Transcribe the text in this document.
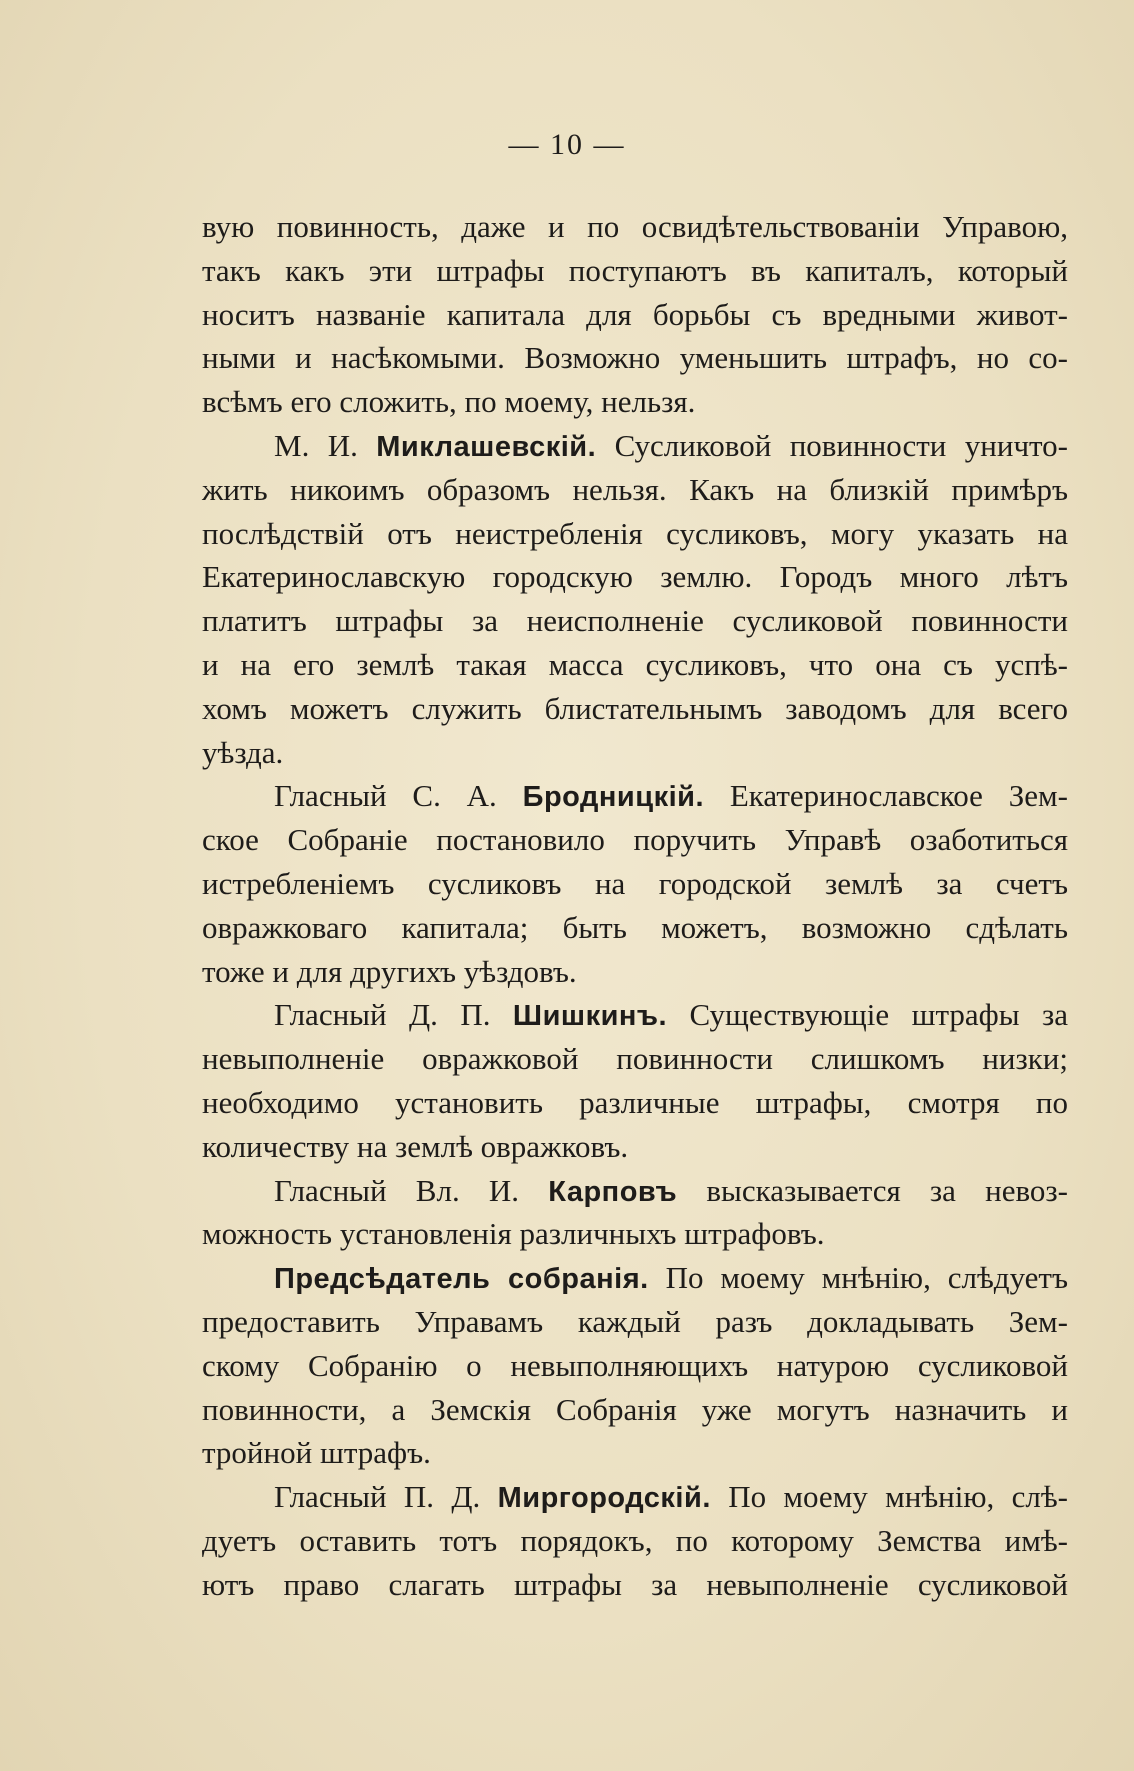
— 10 —
вую повинность, даже и по освидѣтельствованіи Управою,
такъ какъ эти штрафы поступаютъ въ капиталъ, который
носитъ названіе капитала для борьбы съ вредными живот-
ными и насѣкомыми. Возможно уменьшить штрафъ, но со-
всѣмъ его сложить, по моему, нельзя.
М. И. Миклашевскій. Сусликовой повинности уничто-
жить никоимъ образомъ нельзя. Какъ на близкій примѣръ
послѣдствій отъ неистребленія сусликовъ, могу указать на
Екатеринославскую городскую землю. Городъ много лѣтъ
платитъ штрафы за неисполненіе сусликовой повинности
и на его землѣ такая масса сусликовъ, что она съ успѣ-
хомъ можетъ служить блистательнымъ заводомъ для всего
уѣзда.
Гласный С. А. Бродницкій. Екатеринославское Зем-
ское Собраніе постановило поручить Управѣ озаботиться
истребленіемъ сусликовъ на городской землѣ за счетъ
овражковаго капитала; быть можетъ, возможно сдѣлать
тоже и для другихъ уѣздовъ.
Гласный Д. П. Шишкинъ. Существующіе штрафы за
невыполненіе овражковой повинности слишкомъ низки;
необходимо установить различные штрафы, смотря по
количеству на землѣ овражковъ.
Гласный Вл. И. Карповъ высказывается за невоз-
можность установленія различныхъ штрафовъ.
Предсѣдатель собранія. По моему мнѣнію, слѣдуетъ
предоставить Управамъ каждый разъ докладывать Зем-
скому Собранію о невыполняющихъ натурою сусликовой
повинности, а Земскія Собранія уже могутъ назначить и
тройной штрафъ.
Гласный П. Д. Миргородскій. По моему мнѣнію, слѣ-
дуетъ оставить тотъ порядокъ, по которому Земства имѣ-
ютъ право слагать штрафы за невыполненіе сусликовой
